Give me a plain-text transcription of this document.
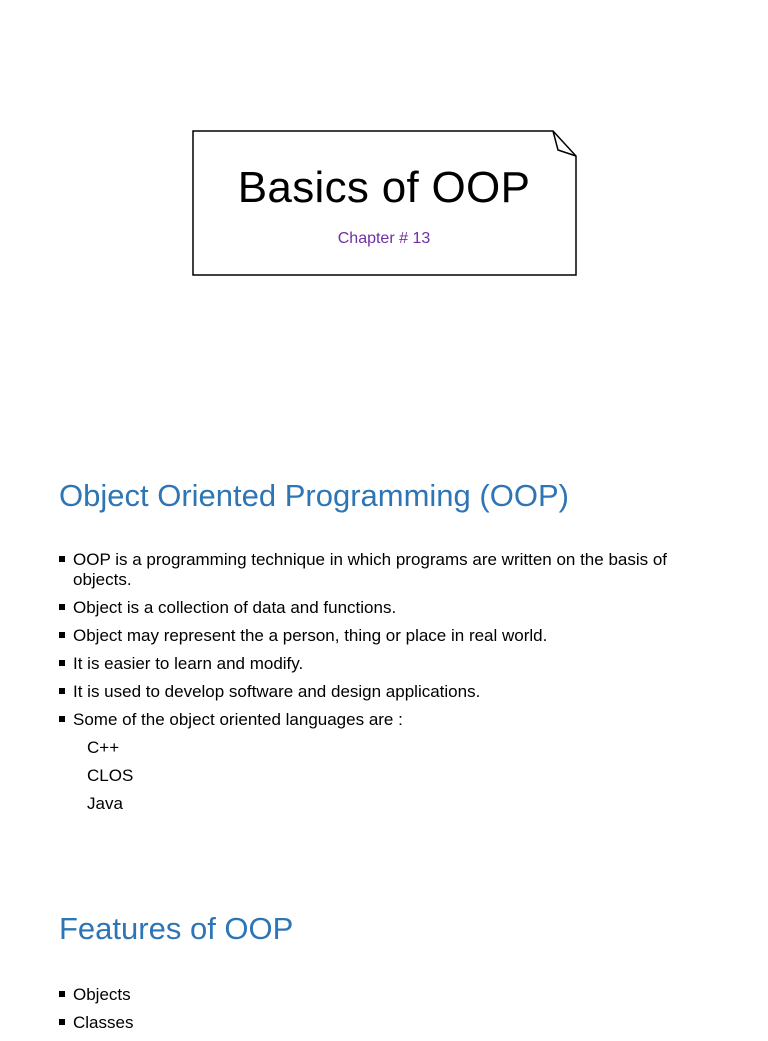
Basics of OOP
Chapter # 13
Object Oriented Programming (OOP)
OOP is a programming technique in which programs are written on the basis of objects.
Object is a collection of data and functions.
Object may represent the a person, thing or place in real world.
It is easier to learn and modify.
It is used to develop software and design applications.
Some of the object oriented languages are :
C++
CLOS
Java
Features of OOP
Objects
Classes
